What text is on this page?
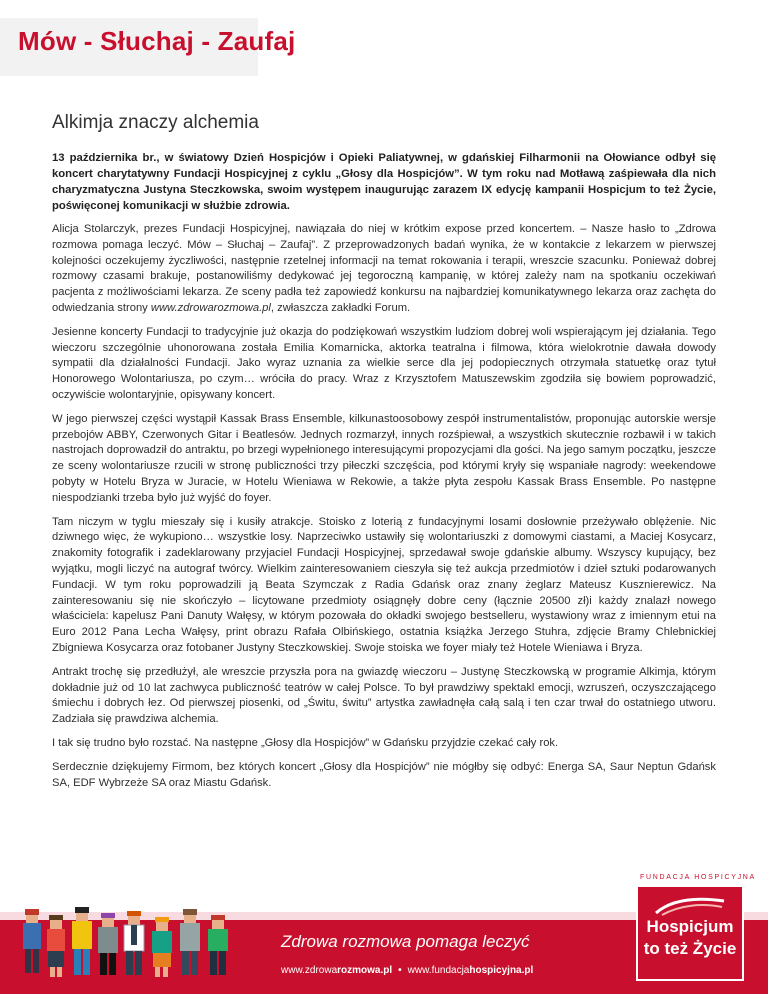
Mów - Słuchaj - Zaufaj
Alkimja znaczy alchemia

13 października br., w światowy Dzień Hospicjów i Opieki Paliatywnej, w gdańskiej Filharmonii na Ołowiance odbył się koncert charytatywny Fundacji Hospicyjnej z cyklu „Głosy dla Hospicjów”. W tym roku nad Motławą zaśpiewała dla nich charyzmatyczna Justyna Steczkowska, swoim występem inaugurując zarazem IX edycję kampanii Hospicjum to też Życie, poświęconej komunikacji w służbie zdrowia.

Alicja Stolarczyk, prezes Fundacji Hospicyjnej, nawiązała do niej w krótkim expose przed koncertem. – Nasze hasło to „Zdrowa rozmowa pomaga leczyć. Mów – Słuchaj – Zaufaj”. Z przeprowadzonych badań wynika, że w kontakcie z lekarzem w pierwszej kolejności oczekujemy życzliwości, następnie rzetelnej informacji na temat rokowania i terapii, wreszcie szacunku. Ponieważ dobrej rozmowy czasami brakuje, postanowiliśmy dedykować jej tegoroczną kampanię, w której zależy nam na spotkaniu oczekiwań pacjenta z możliwościami lekarza. Ze sceny padła też zapowiedź konkursu na najbardziej komunikatywnego lekarza oraz zachęta do odwiedzania strony www.zdrowarozmowa.pl, zwłaszcza zakładki Forum.

Jesienne koncerty Fundacji to tradycyjnie już okazja do podziękowań wszystkim ludziom dobrej woli wspierającym jej działania. Tego wieczoru szczególnie uhonorowana została Emilia Komarnicka, aktorka teatralna i filmowa, która wielokrotnie dawała dowody sympatii dla działalności Fundacji. Jako wyraz uznania za wielkie serce dla jej podopiecznych otrzymała statuetkę oraz tytuł Honorowego Wolontariusza, po czym… wróciła do pracy. Wraz z Krzysztofem Matuszewskim zgodziła się bowiem poprowadzić, oczywiście wolontaryjnie, opisywany koncert.

W jego pierwszej części wystąpił Kassak Brass Ensemble, kilkunastoosobowy zespół instrumentalistów, proponując autorskie wersje przebojów ABBY, Czerwonych Gitar i Beatlesów. Jednych rozmarzył, innych rozśpiewał, a wszystkich skutecznie rozbawił i w takich nastrojach doprowadził do antraktu, po brzegi wypełnionego interesującymi propozycjami dla gości. Na jego samym początku, jeszcze ze sceny wolontariusze rzucili w stronę publiczności trzy piłeczki szczęścia, pod którymi kryły się wspaniałe nagrody: weekendowe pobyty w Hotelu Bryza w Juracie, w Hotelu Wieniawa w Rekowie, a także płyta zespołu Kassak Brass Ensemble. Po następne niespodzianki trzeba było już wyjść do foyer.

Tam niczym w tyglu mieszały się i kusiły atrakcje. Stoisko z loterią z fundacyjnymi losami dosłownie przeżywało oblężenie. Nic dziwnego więc, że wykupiono… wszystkie losy. Naprzeciwko ustawiły się wolontariuszki z domowymi ciastami, a Maciej Kosycarz, znakomity fotografik i zadeklarowany przyjaciel Fundacji Hospicyjnej, sprzedawał swoje gdańskie albumy. Wszyscy kupujący, bez wyjątku, mogli liczyć na autograf twórcy. Wielkim zainteresowaniem cieszyła się też aukcja przedmiotów i dzieł sztuki podarowanych Fundacji. W tym roku poprowadzili ją Beata Szymczak z Radia Gdańsk oraz znany żeglarz Mateusz Kusznierewicz. Na zainteresowaniu się nie skończyło – licytowane przedmioty osiągnęły dobre ceny (łącznie 20500 zł)i każdy znalazł nowego właściciela: kapelusz Pani Danuty Wałęsy, w którym pozowała do okładki swojego bestselleru, wystawiony wraz z imiennym etui na Euro 2012 Pana Lecha Wałęsy, print obrazu Rafała Olbińskiego, ostatnia książka Jerzego Stuhra, zdjęcie Bramy Chlebnickiej Zbigniewa Kosycarza oraz fotobaner Justyny Steczkowskiej. Swoje stoiska we foyer miały też Hotele Wieniawa i Bryza.

Antrakt trochę się przedłużył, ale wreszcie przyszła pora na gwiazdę wieczoru – Justynę Steczkowską w programie Alkimja, którym dokładnie już od 10 lat zachwyca publiczność teatrów w całej Polsce. To był prawdziwy spektakl emocji, wzruszeń, oczyszczającego śmiechu i dobrych łez. Od pierwszej piosenki, od „Świtu, świtu” artystka zawładnęła całą salą i ten czar trwał do ostatniego utworu. Zadziała się prawdziwa alchemia.

I tak się trudno było rozstać. Na następne „Głosy dla Hospicjów” w Gdańsku przyjdzie czekać cały rok.

Serdecznie dziękujemy Firmom, bez których koncert „Głosy dla Hospicjów” nie mógłby się odbyć: Energa SA, Saur Neptun Gdańsk SA, EDF Wybrzeże SA oraz Miastu Gdańsk.

Zdrowa rozmowa pomaga leczyć

www.zdrowarozmowa.pl • www.fundacjahospicyjna.pl
FUNDACJA HOSPICYJNA
Hospicjum
to też Życie
